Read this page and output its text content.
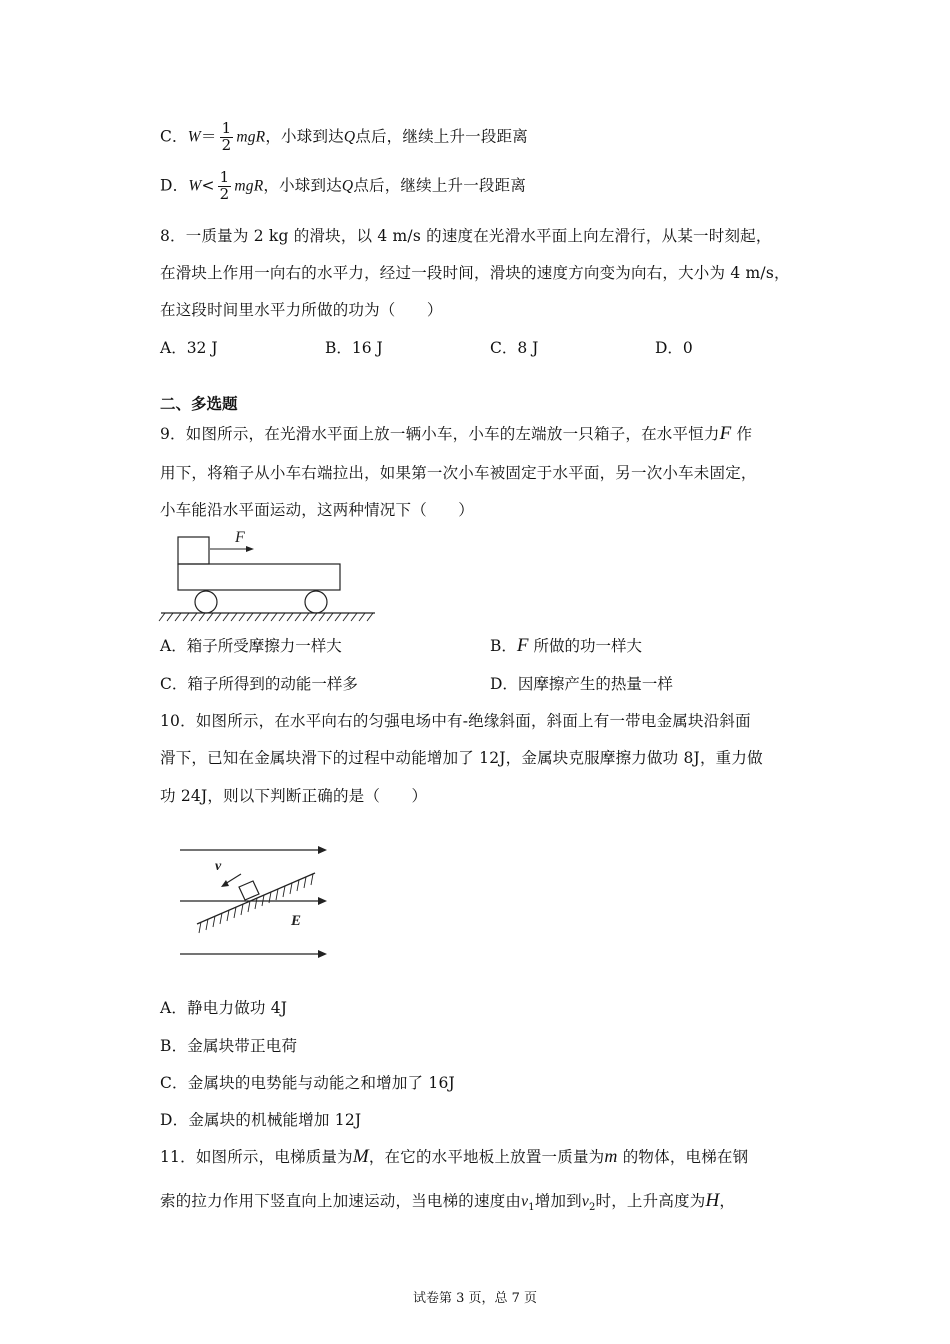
C．$W= \frac{1}{2}$ mgR，小球到达Q点后，继续上升一段距离
D．$W< \frac{1}{2}$ mgR，小球到达Q点后，继续上升一段距离
8．一质量为 2 kg 的滑块，以 4 m/s 的速度在光滑水平面上向左滑行，从某一时刻起，
在滑块上作用一向右的水平力，经过一段时间，滑块的速度方向变为向右，大小为 4 m/s，
在这段时间里水平力所做的功为（　　）
A．32 J	B．16 J	C．8 J	D．0
二、多选题
9．如图所示，在光滑水平面上放一辆小车，小车的左端放一只箱子，在水平恒力F 作
用下，将箱子从小车右端拉出，如果第一次小车被固定于水平面，另一次小车未固定，
小车能沿水平面运动，这两种情况下（　　）
F
A．箱子所受摩擦力一样大	B．F 所做的功一样大
C．箱子所得到的动能一样多	D．因摩擦产生的热量一样
10．如图所示，在水平向右的匀强电场中有-绝缘斜面，斜面上有一带电金属块沿斜面
滑下，已知在金属块滑下的过程中动能增加了 12J，金属块克服摩擦力做功 8J，重力做
功 24J，则以下判断正确的是（　　）
v
E
A．静电力做功 4J
B．金属块带正电荷
C．金属块的电势能与动能之和增加了 16J
D．金属块的机械能增加 12J
11．如图所示，电梯质量为M，在它的水平地板上放置一质量为m 的物体，电梯在钢
索的拉力作用下竖直向上加速运动，当电梯的速度由$v_1$增加到$v_2$时，上升高度为H，
试卷第 3 页，总 7 页
